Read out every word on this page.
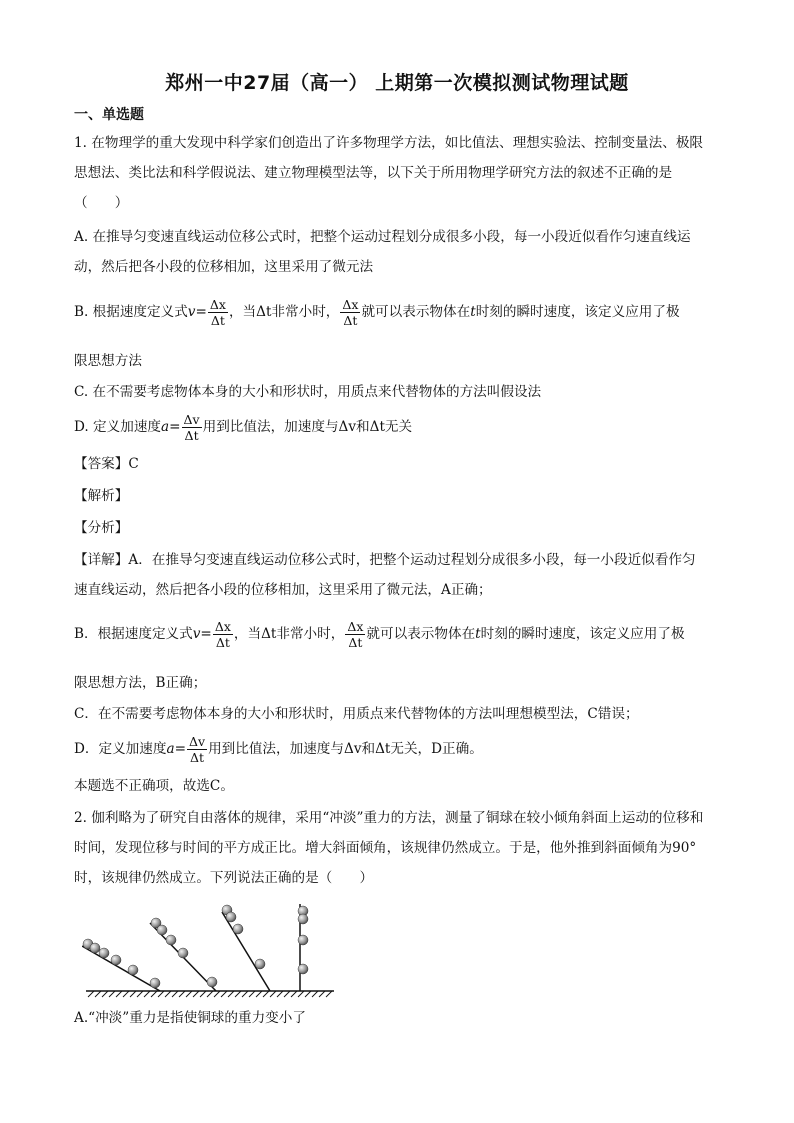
郑州一中27届（高一） 上期第一次模拟测试物理试题
一、单选题
1. 在物理学的重大发现中科学家们创造出了许多物理学方法，如比值法、理想实验法、控制变量法、极限
思想法、类比法和科学假说法、建立物理模型法等，以下关于所用物理学研究方法的叙述不正确的是
（　　）
A. 在推导匀变速直线运动位移公式时，把整个运动过程划分成很多小段，每一小段近似看作匀速直线运
动，然后把各小段的位移相加，这里采用了微元法
B. 根据速度定义式$v= \frac{\Delta x}{\Delta t}$ ，当Δt非常小时， $\frac{\Delta x}{\Delta t}$ 就可以表示物体在t时刻的瞬时速度，该定义应用了极
限思想方法
C. 在不需要考虑物体本身的大小和形状时，用质点来代替物体的方法叫假设法
D. 定义加速度$a= \frac{\Delta v}{\Delta t}$ 用到比值法，加速度与Δv和Δt无关
【答案】C
【解析】
【分析】
【详解】A．在推导匀变速直线运动位移公式时，把整个运动过程划分成很多小段，每一小段近似看作匀
速直线运动，然后把各小段的位移相加，这里采用了微元法，A正确；
B．根据速度定义式$v= \frac{\Delta x}{\Delta t}$ ，当Δt非常小时， $\frac{\Delta x}{\Delta t}$ 就可以表示物体在t时刻的瞬时速度，该定义应用了极
限思想方法，B正确；
C．在不需要考虑物体本身的大小和形状时，用质点来代替物体的方法叫理想模型法，C错误；
D．定义加速度$a= \frac{\Delta v}{\Delta t}$ 用到比值法，加速度与Δv和Δt无关，D正确。
本题选不正确项，故选C。
2. 伽利略为了研究自由落体的规律，采用“冲淡”重力的方法，测量了铜球在较小倾角斜面上运动的位移和
时间，发现位移与时间的平方成正比。增大斜面倾角，该规律仍然成立。于是，他外推到斜面倾角为90°
时，该规律仍然成立。下列说法正确的是（　　）
A.“冲淡”重力是指使铜球的重力变小了
